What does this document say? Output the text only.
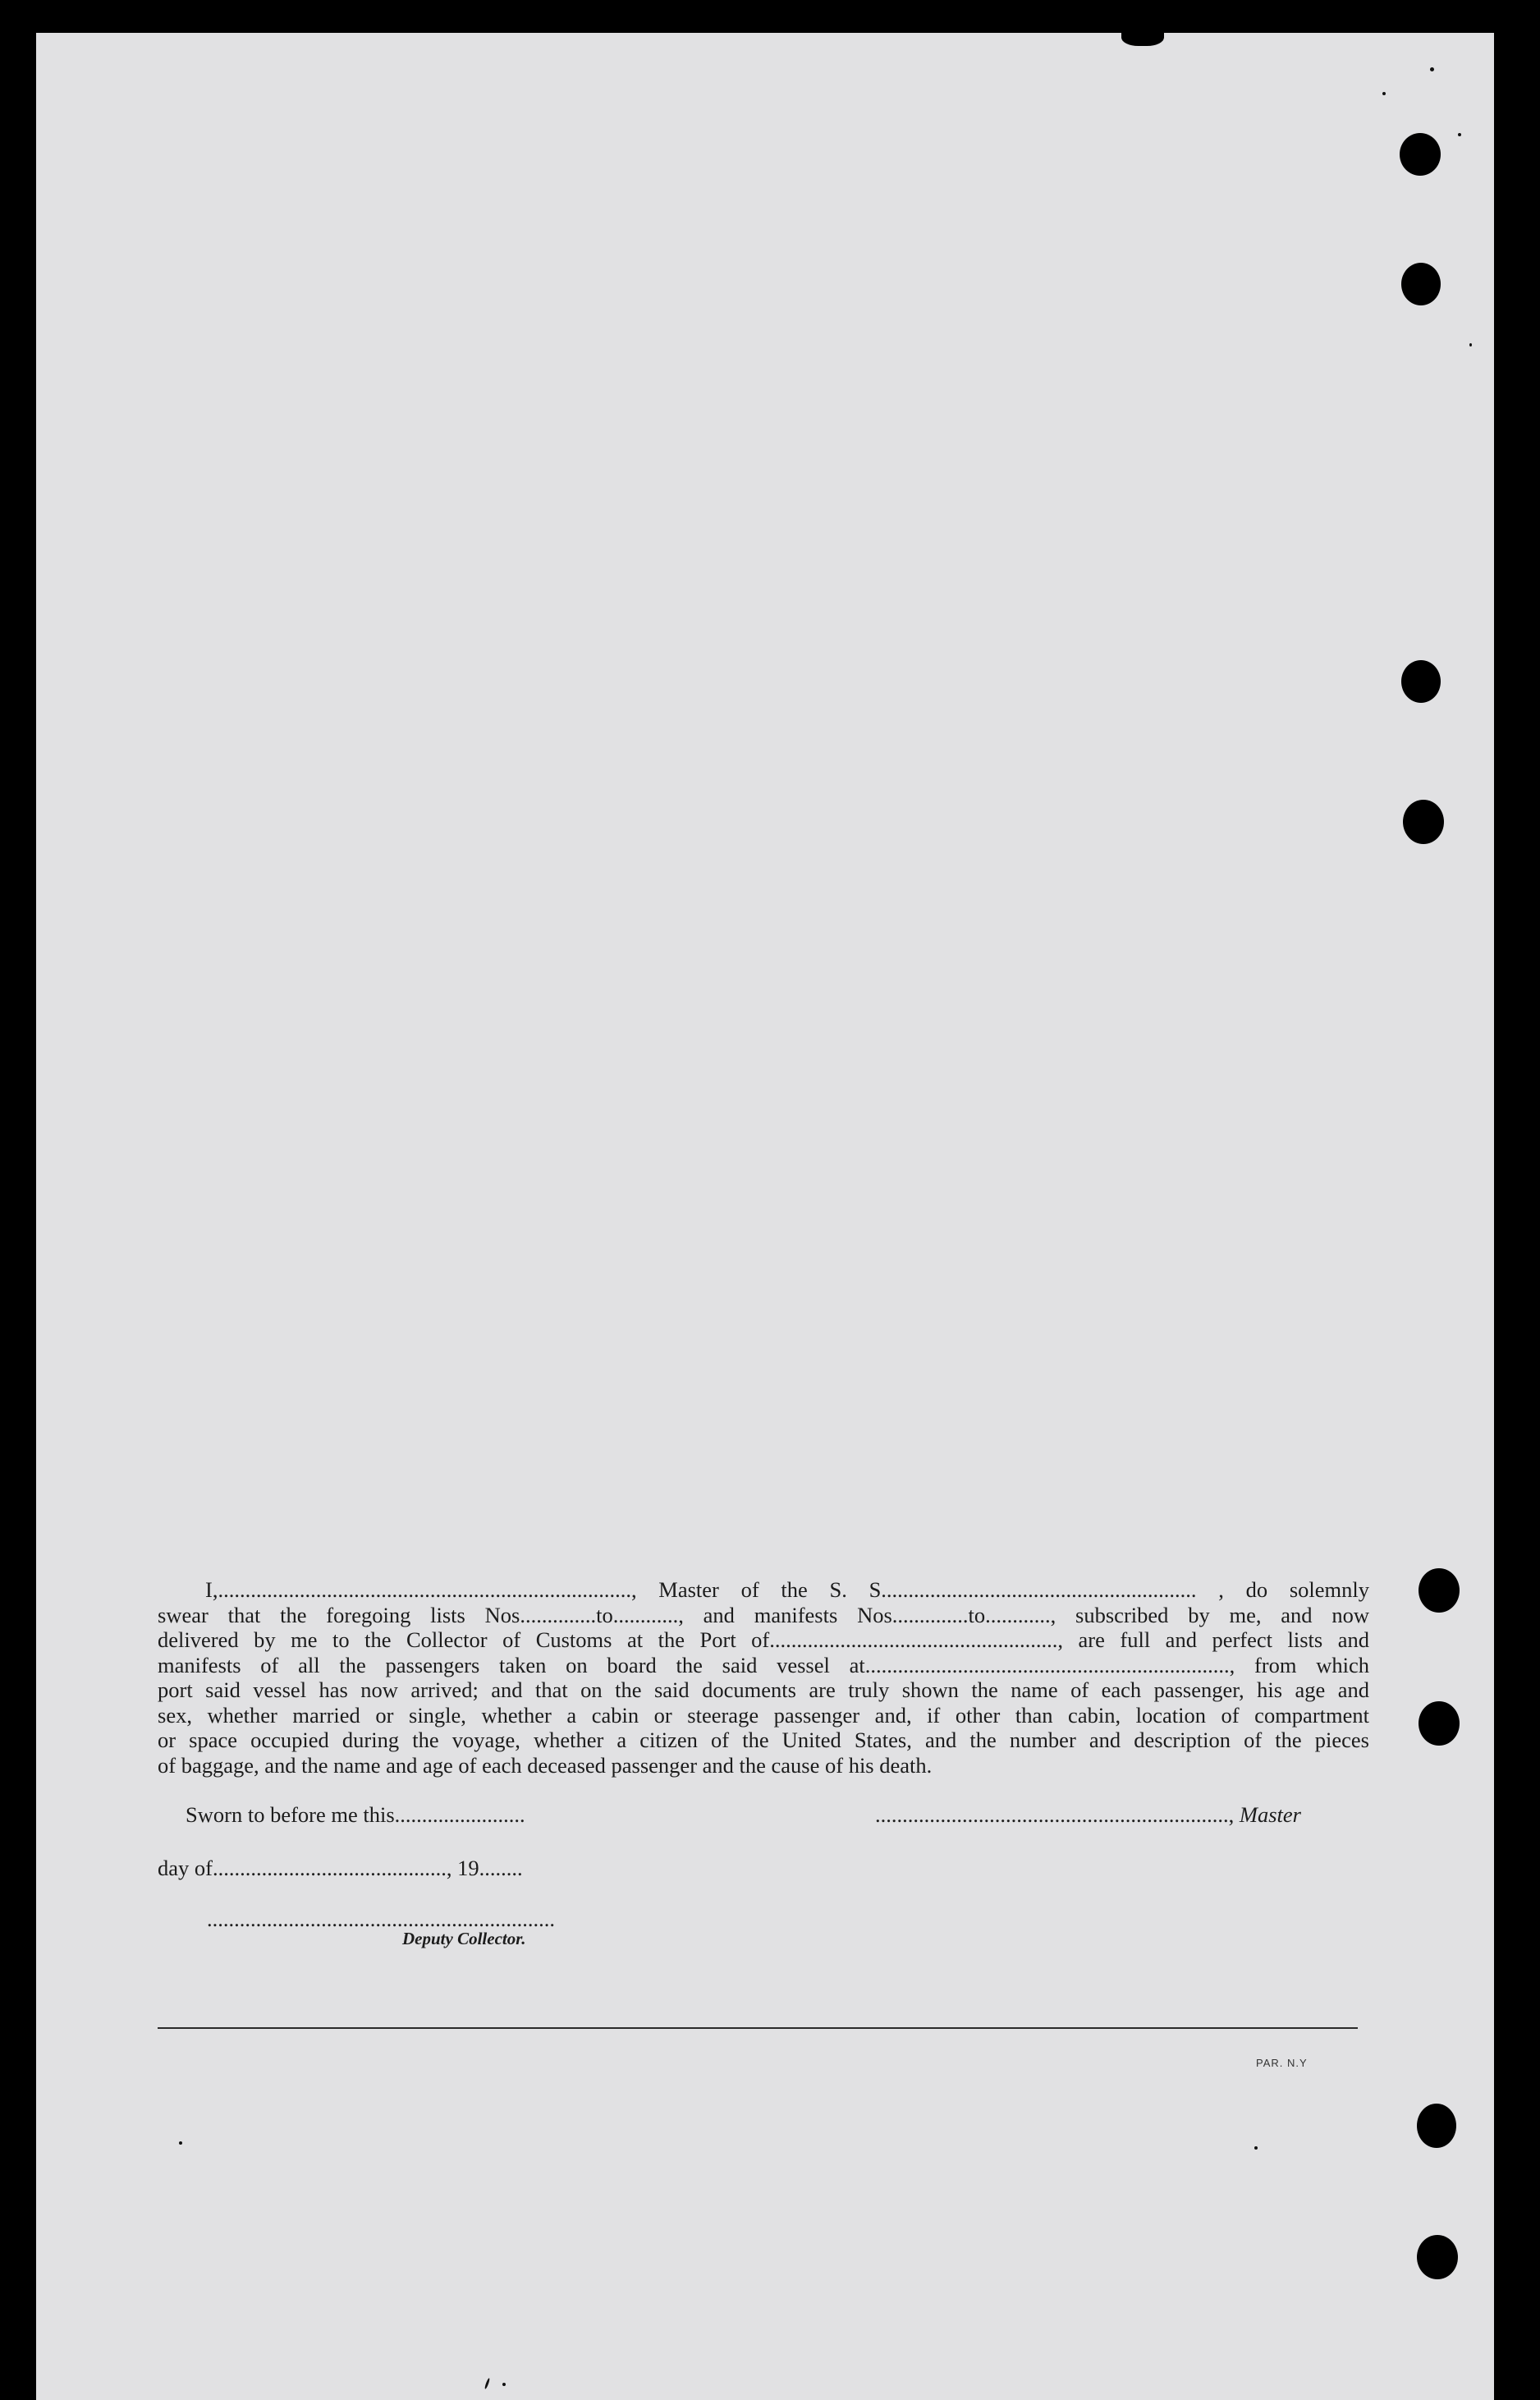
I,............................................................................, Master of the S. S.......................................................... , do solemnly
swear that the foregoing lists Nos..............to............, and manifests Nos..............to............, subscribed by me, and now
delivered by me to the Collector of Customs at the Port of....................................................., are full and perfect lists and
manifests of all the passengers taken on board the said vessel at..................................................................., from which
port said vessel has now arrived; and that on the said documents are truly shown the name of each passenger, his age and
sex, whether married or single, whether a cabin or steerage passenger and, if other than cabin, location of compartment
or space occupied during the voyage, whether a citizen of the United States, and the number and description of the pieces
of baggage, and the name and age of each deceased passenger and the cause of his death.
Sworn to before me this........................	................................................................., Master
day of..........................................., 19........
................................................................
Deputy Collector.
PAR. N.Y
